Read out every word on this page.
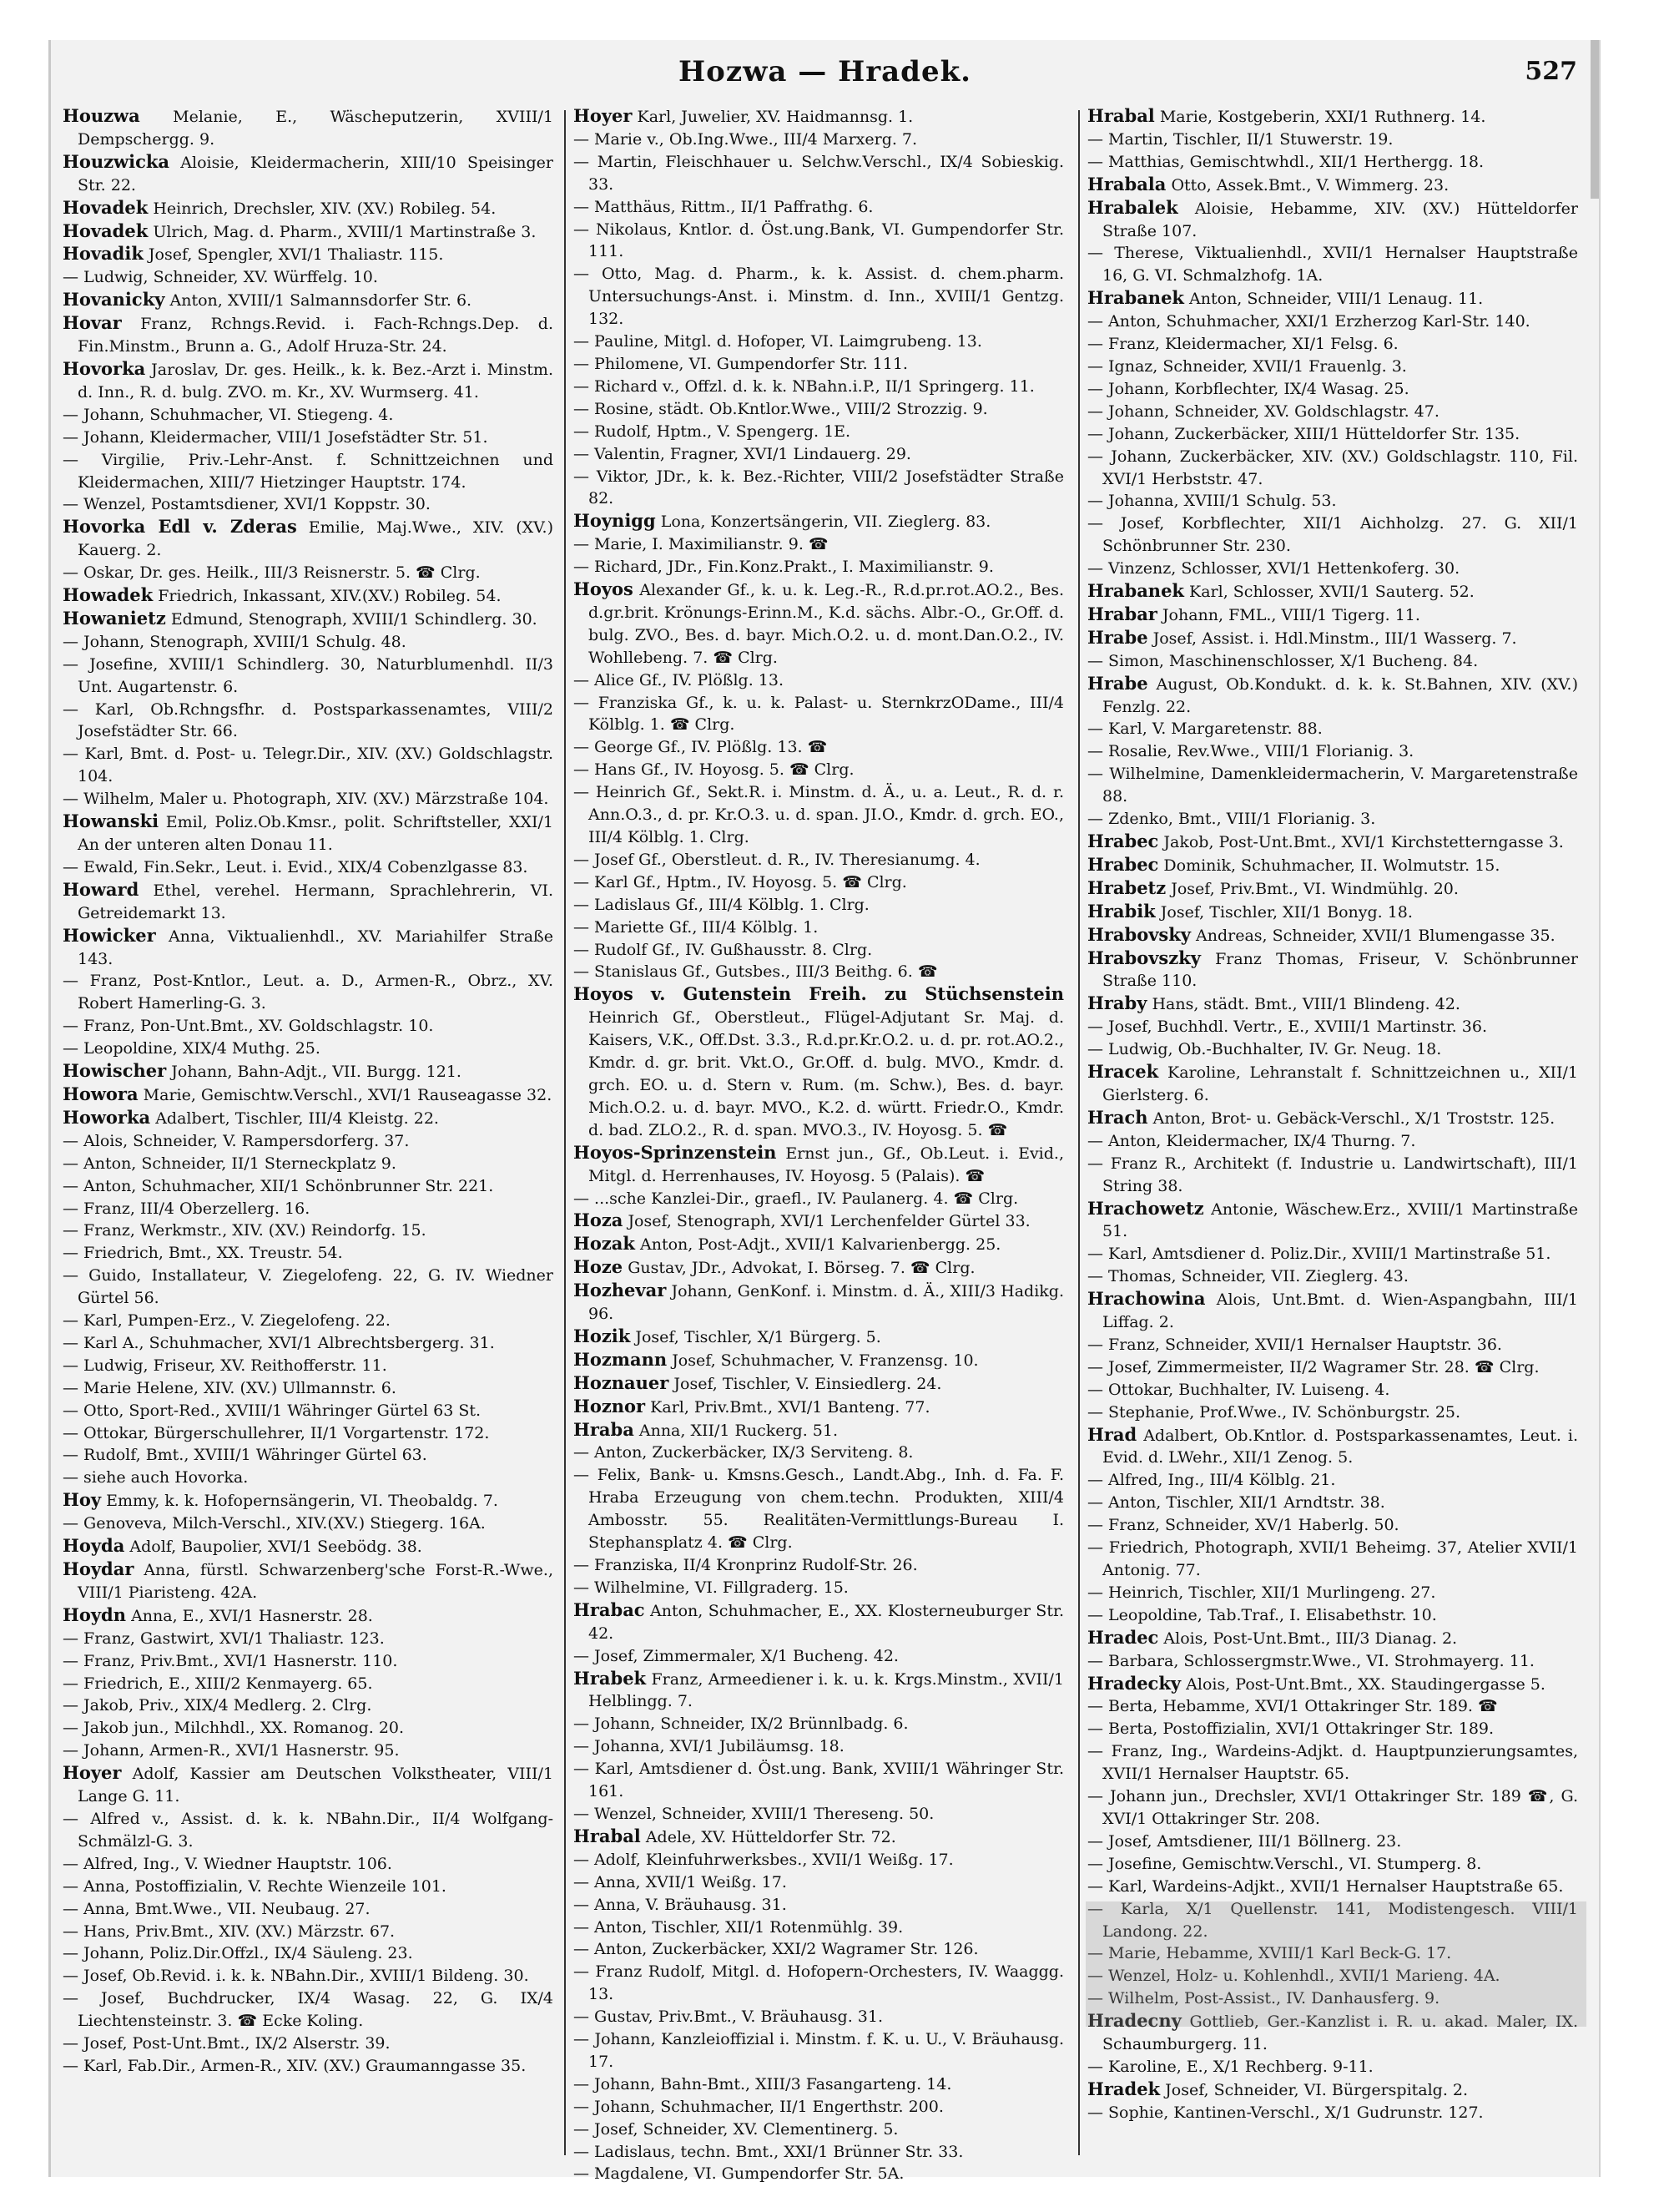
Hozwa — Hradek.	527
Houzwa Melanie, E., Wäscheputzerin, XVIII/1 Dempschergg. 9.
Houzwicka Aloisie, Kleidermacherin, XIII/10 Speisinger Str. 22.
Hovadek Heinrich, Drechsler, XIV. (XV.) Robileg. 54.
Hovadek Ulrich, Mag. d. Pharm., XVIII/1 Martinstraße 3.
Hovadik Josef, Spengler, XVI/1 Thaliastr. 115.
— Ludwig, Schneider, XV. Würffelg. 10.
Hovanicky Anton, XVIII/1 Salmannsdorfer Str. 6.
Hovar Franz, Rchngs.Revid. i. Fach-Rchngs.Dep. d. Fin.Minstm., Brunn a. G., Adolf Hruza-Str. 24.
Hovorka Jaroslav, Dr. ges. Heilk., k. k. Bez.-Arzt i. Minstm. d. Inn., R. d. bulg. ZVO. m. Kr., XV. Wurmserg. 41.
— Johann, Schuhmacher, VI. Stiegeng. 4.
— Johann, Kleidermacher, VIII/1 Josefstädter Str. 51.
— Virgilie, Priv.-Lehr-Anst. f. Schnittzeichnen und Kleidermachen, XIII/7 Hietzinger Hauptstr. 174.
— Wenzel, Postamtsdiener, XVI/1 Koppstr. 30.
Hovorka Edl v. Zderas Emilie, Maj.Wwe., XIV. (XV.) Kauerg. 2.
— Oskar, Dr. ges. Heilk., III/3 Reisnerstr. 5. ☎ Clrg.
Howadek Friedrich, Inkassant, XIV.(XV.) Robileg. 54.
Howanietz Edmund, Stenograph, XVIII/1 Schindlerg. 30.
— Johann, Stenograph, XVIII/1 Schulg. 48.
— Josefine, XVIII/1 Schindlerg. 30, Naturblumenhdl. II/3 Unt. Augartenstr. 6.
— Karl, Ob.Rchngsfhr. d. Postsparkassenamtes, VIII/2 Josefstädter Str. 66.
— Karl, Bmt. d. Post- u. Telegr.Dir., XIV. (XV.) Goldschlagstr. 104.
— Wilhelm, Maler u. Photograph, XIV. (XV.) Märzstraße 104.
Howanski Emil, Poliz.Ob.Kmsr., polit. Schriftsteller, XXI/1 An der unteren alten Donau 11.
— Ewald, Fin.Sekr., Leut. i. Evid., XIX/4 Cobenzlgasse 83.
Howard Ethel, verehel. Hermann, Sprachlehrerin, VI. Getreidemarkt 13.
Howicker Anna, Viktualienhdl., XV. Mariahilfer Straße 143.
— Franz, Post-Kntlor., Leut. a. D., Armen-R., Obrz., XV. Robert Hamerling-G. 3.
— Franz, Pon-Unt.Bmt., XV. Goldschlagstr. 10.
— Leopoldine, XIX/4 Muthg. 25.
Howischer Johann, Bahn-Adjt., VII. Burgg. 121.
Howora Marie, Gemischtw.Verschl., XVI/1 Rauseagasse 32.
Howorka Adalbert, Tischler, III/4 Kleistg. 22.
— Alois, Schneider, V. Rampersdorferg. 37.
— Anton, Schneider, II/1 Sterneckplatz 9.
— Anton, Schuhmacher, XII/1 Schönbrunner Str. 221.
— Franz, III/4 Oberzellerg. 16.
— Franz, Werkmstr., XIV. (XV.) Reindorfg. 15.
— Friedrich, Bmt., XX. Treustr. 54.
— Guido, Installateur, V. Ziegelofeng. 22, G. IV. Wiedner Gürtel 56.
— Karl, Pumpen-Erz., V. Ziegelofeng. 22.
— Karl A., Schuhmacher, XVI/1 Albrechtsbergerg. 31.
— Ludwig, Friseur, XV. Reithofferstr. 11.
— Marie Helene, XIV. (XV.) Ullmannstr. 6.
— Otto, Sport-Red., XVIII/1 Währinger Gürtel 63 St.
— Ottokar, Bürgerschullehrer, II/1 Vorgartenstr. 172.
— Rudolf, Bmt., XVIII/1 Währinger Gürtel 63.
— siehe auch Hovorka.
Hoy Emmy, k. k. Hofopernsängerin, VI. Theobaldg. 7.
— Genoveva, Milch-Verschl., XIV.(XV.) Stiegerg. 16A.
Hoyda Adolf, Baupolier, XVI/1 Seebödg. 38.
Hoydar Anna, fürstl. Schwarzenberg'sche Forst-R.-Wwe., VIII/1 Piaristeng. 42A.
Hoydn Anna, E., XVI/1 Hasnerstr. 28.
— Franz, Gastwirt, XVI/1 Thaliastr. 123.
— Franz, Priv.Bmt., XVI/1 Hasnerstr. 110.
— Friedrich, E., XIII/2 Kenmayerg. 65.
— Jakob, Priv., XIX/4 Medlerg. 2. Clrg.
— Jakob jun., Milchhdl., XX. Romanog. 20.
— Johann, Armen-R., XVI/1 Hasnerstr. 95.
Hoyer Adolf, Kassier am Deutschen Volkstheater, VIII/1 Lange G. 11.
— Alfred v., Assist. d. k. k. NBahn.Dir., II/4 Wolfgang-Schmälzl-G. 3.
— Alfred, Ing., V. Wiedner Hauptstr. 106.
— Anna, Postoffizialin, V. Rechte Wienzeile 101.
— Anna, Bmt.Wwe., VII. Neubaug. 27.
— Hans, Priv.Bmt., XIV. (XV.) Märzstr. 67.
— Johann, Poliz.Dir.Offzl., IX/4 Säuleng. 23.
— Josef, Ob.Revid. i. k. k. NBahn.Dir., XVIII/1 Bildeng. 30.
— Josef, Buchdrucker, IX/4 Wasag. 22, G. IX/4 Liechtensteinstr. 3. ☎ Ecke Koling.
— Josef, Post-Unt.Bmt., IX/2 Alserstr. 39.
— Karl, Fab.Dir., Armen-R., XIV. (XV.) Graumanngasse 35.
Hoyer Karl, Juwelier, XV. Haidmannsg. 1.
— Marie v., Ob.Ing.Wwe., III/4 Marxerg. 7.
— Martin, Fleischhauer u. Selchw.Verschl., IX/4 Sobieskig. 33.
— Matthäus, Rittm., II/1 Paffrathg. 6.
— Nikolaus, Kntlor. d. Öst.ung.Bank, VI. Gumpendorfer Str. 111.
— Otto, Mag. d. Pharm., k. k. Assist. d. chem.pharm. Untersuchungs-Anst. i. Minstm. d. Inn., XVIII/1 Gentzg. 132.
— Pauline, Mitgl. d. Hofoper, VI. Laimgrubeng. 13.
— Philomene, VI. Gumpendorfer Str. 111.
— Richard v., Offzl. d. k. k. NBahn.i.P., II/1 Springerg. 11.
— Rosine, städt. Ob.Kntlor.Wwe., VIII/2 Strozzig. 9.
— Rudolf, Hptm., V. Spengerg. 1E.
— Valentin, Fragner, XVI/1 Lindauerg. 29.
— Viktor, JDr., k. k. Bez.-Richter, VIII/2 Josefstädter Straße 82.
Hoynigg Lona, Konzertsängerin, VII. Zieglerg. 83.
— Marie, I. Maximilianstr. 9. ☎
— Richard, JDr., Fin.Konz.Prakt., I. Maximilianstr. 9.
Hoyos Alexander Gf., k. u. k. Leg.-R., R.d.pr.rot.AO.2., Bes. d.gr.brit. Krönungs-Erinn.M., K.d. sächs. Albr.-O., Gr.Off. d. bulg. ZVO., Bes. d. bayr. Mich.O.2. u. d. mont.Dan.O.2., IV. Wohllebeng. 7. ☎ Clrg.
— Alice Gf., IV. Plößlg. 13.
— Franziska Gf., k. u. k. Palast- u. SternkrzODame., III/4 Kölblg. 1. ☎ Clrg.
— George Gf., IV. Plößlg. 13. ☎
— Hans Gf., IV. Hoyosg. 5. ☎ Clrg.
— Heinrich Gf., Sekt.R. i. Minstm. d. Ä., u. a. Leut., R. d. r. Ann.O.3., d. pr. Kr.O.3. u. d. span. JI.O., Kmdr. d. grch. EO., III/4 Kölblg. 1. Clrg.
— Josef Gf., Oberstleut. d. R., IV. Theresianumg. 4.
— Karl Gf., Hptm., IV. Hoyosg. 5. ☎ Clrg.
— Ladislaus Gf., III/4 Kölblg. 1. Clrg.
— Mariette Gf., III/4 Kölblg. 1.
— Rudolf Gf., IV. Gußhausstr. 8. Clrg.
— Stanislaus Gf., Gutsbes., III/3 Beithg. 6. ☎
Hoyos v. Gutenstein Freih. zu Stüchsenstein Heinrich Gf., Oberstleut., Flügel-Adjutant Sr. Maj. d. Kaisers, V.K., Off.Dst. 3.3., R.d.pr.Kr.O.2. u. d. pr. rot.AO.2., Kmdr. d. gr. brit. Vkt.O., Gr.Off. d. bulg. MVO., Kmdr. d. grch. EO. u. d. Stern v. Rum. (m. Schw.), Bes. d. bayr. Mich.O.2. u. d. bayr. MVO., K.2. d. württ. Friedr.O., Kmdr. d. bad. ZLO.2., R. d. span. MVO.3., IV. Hoyosg. 5. ☎
Hoyos-Sprinzenstein Ernst jun., Gf., Ob.Leut. i. Evid., Mitgl. d. Herrenhauses, IV. Hoyosg. 5 (Palais). ☎
— ...sche Kanzlei-Dir., graefl., IV. Paulanerg. 4. ☎ Clrg.
Hoza Josef, Stenograph, XVI/1 Lerchenfelder Gürtel 33.
Hozak Anton, Post-Adjt., XVII/1 Kalvarienbergg. 25.
Hoze Gustav, JDr., Advokat, I. Börseg. 7. ☎ Clrg.
Hozhevar Johann, GenKonf. i. Minstm. d. Ä., XIII/3 Hadikg. 96.
Hozik Josef, Tischler, X/1 Bürgerg. 5.
Hozmann Josef, Schuhmacher, V. Franzensg. 10.
Hoznauer Josef, Tischler, V. Einsiedlerg. 24.
Hoznor Karl, Priv.Bmt., XVI/1 Banteng. 77.
Hraba Anna, XII/1 Ruckerg. 51.
— Anton, Zuckerbäcker, IX/3 Serviteng. 8.
— Felix, Bank- u. Kmsns.Gesch., Landt.Abg., Inh. d. Fa. F. Hraba Erzeugung von chem.techn. Produkten, XIII/4 Ambosstr. 55. Realitäten-Vermittlungs-Bureau I. Stephansplatz 4. ☎ Clrg.
— Franziska, II/4 Kronprinz Rudolf-Str. 26.
— Wilhelmine, VI. Fillgraderg. 15.
Hrabac Anton, Schuhmacher, E., XX. Klosterneuburger Str. 42.
— Josef, Zimmermaler, X/1 Bucheng. 42.
Hrabek Franz, Armeediener i. k. u. k. Krgs.Minstm., XVII/1 Helblingg. 7.
— Johann, Schneider, IX/2 Brünnlbadg. 6.
— Johanna, XVI/1 Jubiläumsg. 18.
— Karl, Amtsdiener d. Öst.ung. Bank, XVIII/1 Währinger Str. 161.
— Wenzel, Schneider, XVIII/1 Thereseng. 50.
Hrabal Adele, XV. Hütteldorfer Str. 72.
— Adolf, Kleinfuhrwerksbes., XVII/1 Weißg. 17.
— Anna, XVII/1 Weißg. 17.
— Anna, V. Bräuhausg. 31.
— Anton, Tischler, XII/1 Rotenmühlg. 39.
— Anton, Zuckerbäcker, XXI/2 Wagramer Str. 126.
— Franz Rudolf, Mitgl. d. Hofopern-Orchesters, IV. Waaggg. 13.
— Gustav, Priv.Bmt., V. Bräuhausg. 31.
— Johann, Kanzleioffizial i. Minstm. f. K. u. U., V. Bräuhausg. 17.
— Johann, Bahn-Bmt., XIII/3 Fasangarteng. 14.
— Johann, Schuhmacher, II/1 Engerthstr. 200.
— Josef, Schneider, XV. Clementinerg. 5.
— Ladislaus, techn. Bmt., XXI/1 Brünner Str. 33.
— Magdalene, VI. Gumpendorfer Str. 5A.
Hrabal Marie, Kostgeberin, XXI/1 Ruthnerg. 14.
— Martin, Tischler, II/1 Stuwerstr. 19.
— Matthias, Gemischtwhdl., XII/1 Herthergg. 18.
Hrabala Otto, Assek.Bmt., V. Wimmerg. 23.
Hrabalek Aloisie, Hebamme, XIV. (XV.) Hütteldorfer Straße 107.
— Therese, Viktualienhdl., XVII/1 Hernalser Hauptstraße 16, G. VI. Schmalzhofg. 1A.
Hrabanek Anton, Schneider, VIII/1 Lenaug. 11.
— Anton, Schuhmacher, XXI/1 Erzherzog Karl-Str. 140.
— Franz, Kleidermacher, XI/1 Felsg. 6.
— Ignaz, Schneider, XVII/1 Frauenlg. 3.
— Johann, Korbflechter, IX/4 Wasag. 25.
— Johann, Schneider, XV. Goldschlagstr. 47.
— Johann, Zuckerbäcker, XIII/1 Hütteldorfer Str. 135.
— Johann, Zuckerbäcker, XIV. (XV.) Goldschlagstr. 110, Fil. XVI/1 Herbststr. 47.
— Johanna, XVIII/1 Schulg. 53.
— Josef, Korbflechter, XII/1 Aichholzg. 27. G. XII/1 Schönbrunner Str. 230.
— Vinzenz, Schlosser, XVI/1 Hettenkoferg. 30.
Hrabanek Karl, Schlosser, XVII/1 Sauterg. 52.
Hrabar Johann, FML., VIII/1 Tigerg. 11.
Hrabe Josef, Assist. i. Hdl.Minstm., III/1 Wasserg. 7.
— Simon, Maschinenschlosser, X/1 Bucheng. 84.
Hrabe August, Ob.Kondukt. d. k. k. St.Bahnen, XIV. (XV.) Fenzlg. 22.
— Karl, V. Margaretenstr. 88.
— Rosalie, Rev.Wwe., VIII/1 Florianig. 3.
— Wilhelmine, Damenkleidermacherin, V. Margaretenstraße 88.
— Zdenko, Bmt., VIII/1 Florianig. 3.
Hrabec Jakob, Post-Unt.Bmt., XVI/1 Kirchstetterngasse 3.
Hrabec Dominik, Schuhmacher, II. Wolmutstr. 15.
Hrabetz Josef, Priv.Bmt., VI. Windmühlg. 20.
Hrabik Josef, Tischler, XII/1 Bonyg. 18.
Hrabovsky Andreas, Schneider, XVII/1 Blumengasse 35.
Hrabovszky Franz Thomas, Friseur, V. Schönbrunner Straße 110.
Hraby Hans, städt. Bmt., VIII/1 Blindeng. 42.
— Josef, Buchhdl. Vertr., E., XVIII/1 Martinstr. 36.
— Ludwig, Ob.-Buchhalter, IV. Gr. Neug. 18.
Hracek Karoline, Lehranstalt f. Schnittzeichnen u., XII/1 Gierlsterg. 6.
Hrach Anton, Brot- u. Gebäck-Verschl., X/1 Troststr. 125.
— Anton, Kleidermacher, IX/4 Thurng. 7.
— Franz R., Architekt (f. Industrie u. Landwirtschaft), III/1 String 38.
Hrachowetz Antonie, Wäschew.Erz., XVIII/1 Martinstraße 51.
— Karl, Amtsdiener d. Poliz.Dir., XVIII/1 Martinstraße 51.
— Thomas, Schneider, VII. Zieglerg. 43.
Hrachowina Alois, Unt.Bmt. d. Wien-Aspangbahn, III/1 Liffag. 2.
— Franz, Schneider, XVII/1 Hernalser Hauptstr. 36.
— Josef, Zimmermeister, II/2 Wagramer Str. 28. ☎ Clrg.
— Ottokar, Buchhalter, IV. Luiseng. 4.
— Stephanie, Prof.Wwe., IV. Schönburgstr. 25.
Hrad Adalbert, Ob.Kntlor. d. Postsparkassenamtes, Leut. i. Evid. d. LWehr., XII/1 Zenog. 5.
— Alfred, Ing., III/4 Kölblg. 21.
— Anton, Tischler, XII/1 Arndtstr. 38.
— Franz, Schneider, XV/1 Haberlg. 50.
— Friedrich, Photograph, XVII/1 Beheimg. 37, Atelier XVII/1 Antonig. 77.
— Heinrich, Tischler, XII/1 Murlingeng. 27.
— Leopoldine, Tab.Traf., I. Elisabethstr. 10.
Hradec Alois, Post-Unt.Bmt., III/3 Dianag. 2.
— Barbara, Schlossergmstr.Wwe., VI. Strohmayerg. 11.
Hradecky Alois, Post-Unt.Bmt., XX. Staudingergasse 5.
— Berta, Hebamme, XVI/1 Ottakringer Str. 189. ☎
— Berta, Postoffizialin, XVI/1 Ottakringer Str. 189.
— Franz, Ing., Wardeins-Adjkt. d. Hauptpunzierungsamtes, XVII/1 Hernalser Hauptstr. 65.
— Johann jun., Drechsler, XVI/1 Ottakringer Str. 189 ☎, G. XVI/1 Ottakringer Str. 208.
— Josef, Amtsdiener, III/1 Böllnerg. 23.
— Josefine, Gemischtw.Verschl., VI. Stumperg. 8.
— Karl, Wardeins-Adjkt., XVII/1 Hernalser Hauptstraße 65.
— Karla, X/1 Quellenstr. 141, Modistengesch. VIII/1 Landong. 22.
— Marie, Hebamme, XVIII/1 Karl Beck-G. 17.
— Wenzel, Holz- u. Kohlenhdl., XVII/1 Marieng. 4A.
— Wilhelm, Post-Assist., IV. Danhausferg. 9.
Hradecny Gottlieb, Ger.-Kanzlist i. R. u. akad. Maler, IX. Schaumburgerg. 11.
— Karoline, E., X/1 Rechberg. 9-11.
Hradek Josef, Schneider, VI. Bürgerspitalg. 2.
— Sophie, Kantinen-Verschl., X/1 Gudrunstr. 127.
